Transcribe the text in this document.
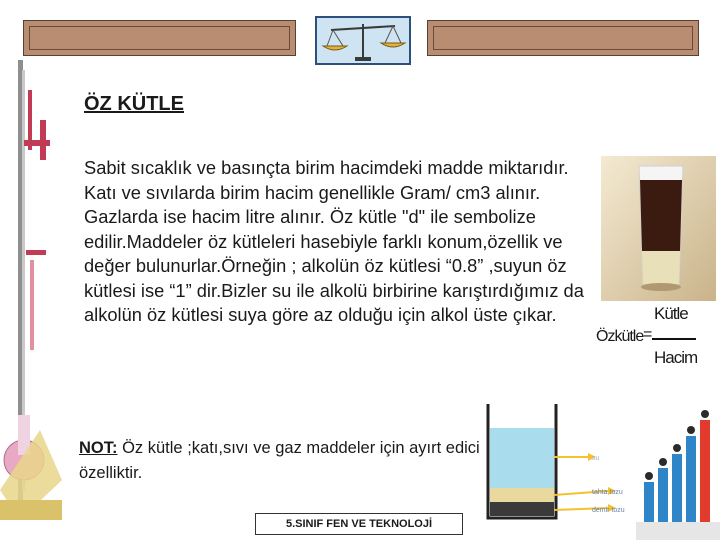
ÖZ KÜTLE

Sabit sıcaklık ve basınçta birim hacimdeki madde miktarıdır. Katı ve sıvılarda birim hacim genellikle Gram/ cm3 alınır. Gazlarda ise hacim litre alınır. Öz kütle "d" ile sembolize edilir.Maddeler öz kütleleri hasebiyle farklı konum,özellik ve değer bulunurlar.Örneğin ; alkolün öz kütlesi “0.8” ,suyun öz kütlesi ise “1” dir.Bizler su ile alkolü birbirine karıştırdığımız da alkolün öz kütlesi suya göre az olduğu için alkol üste çıkar.

Özkütle =
Kütle
Hacim
su
tahta tozu
demir tozu

NOT: Öz kütle ;katı,sıvı ve gaz maddeler için ayırt edici özelliktir.

5.SINIF FEN VE TEKNOLOJİ
